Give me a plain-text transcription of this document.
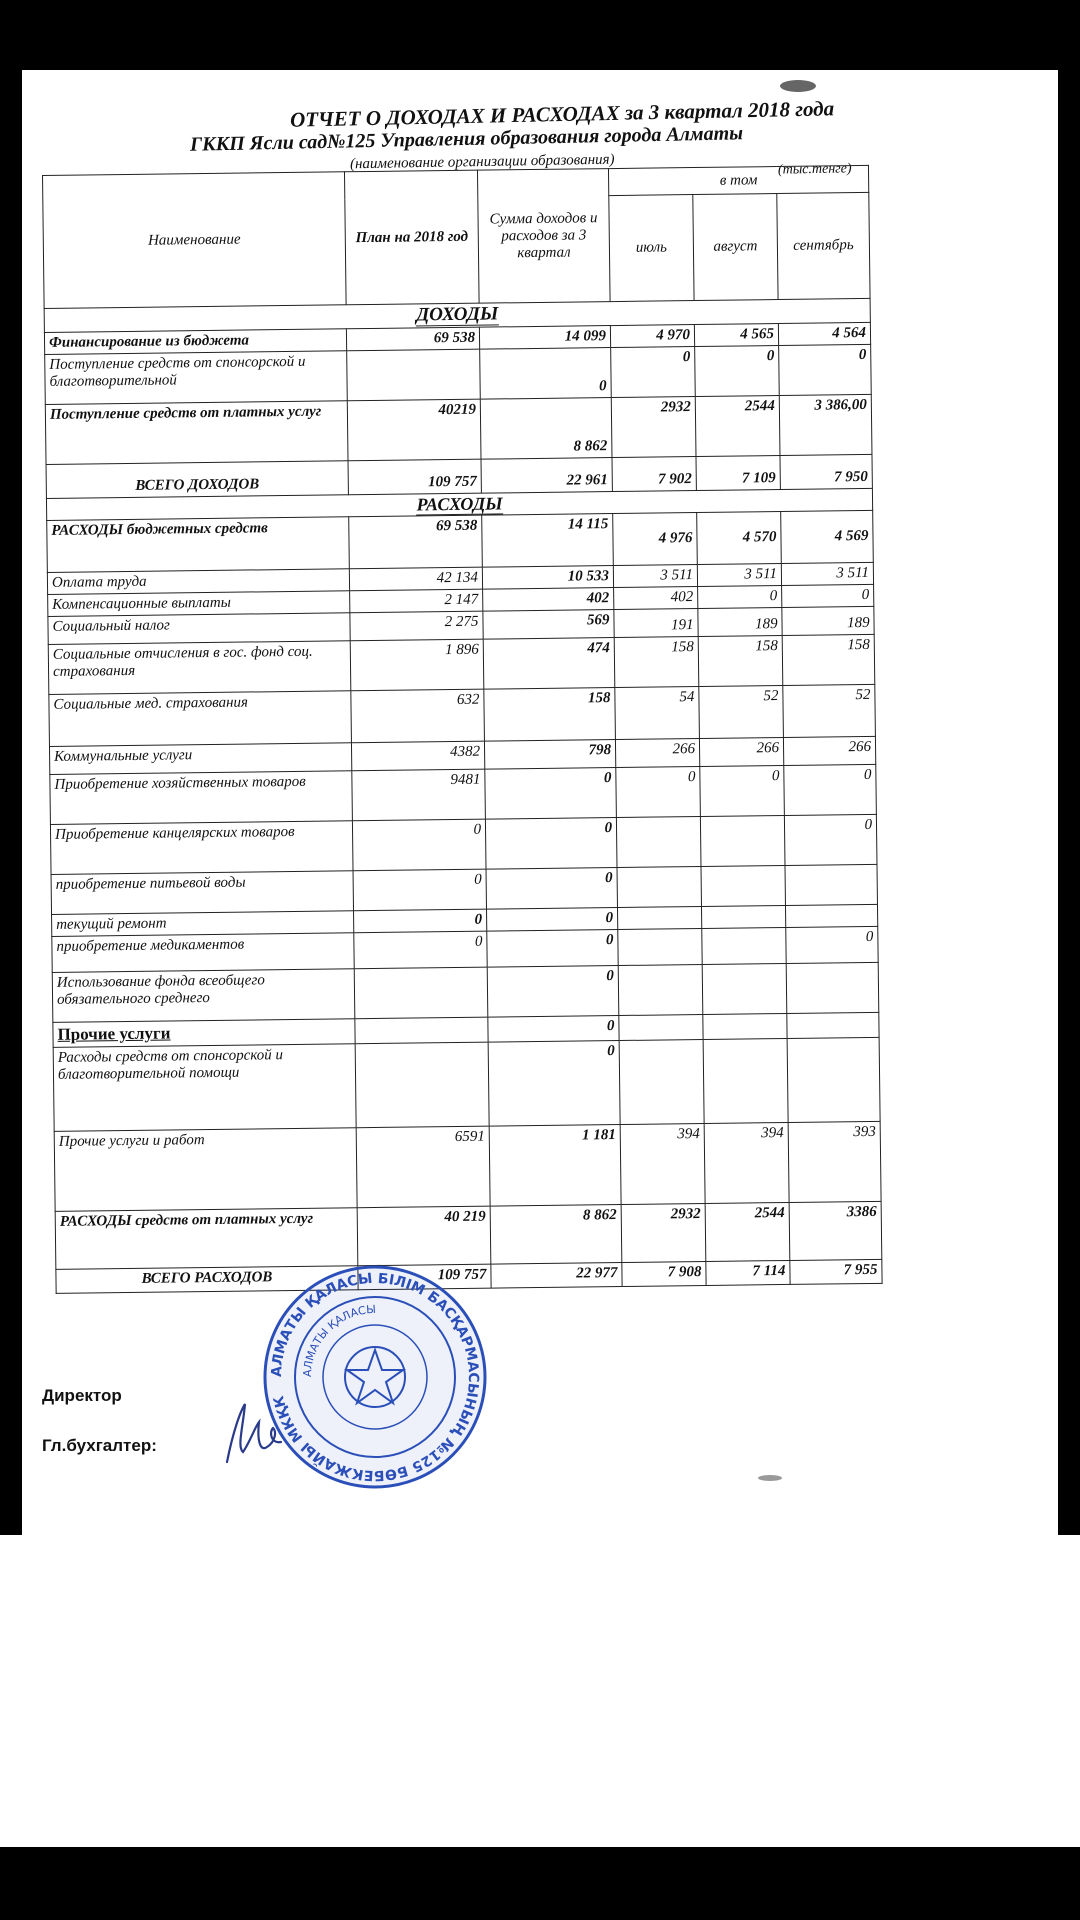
ОТЧЕТ О ДОХОДАХ И РАСХОДАХ за 3 квартал 2018 года
ГККП Ясли сад№125 Управления образования города Алматы
(наименование организации образования)	(тыс.тенге)
Наименование	План на 2018 год	Сумма доходов и расходов за 3 квартал	в том		
			июль	август	сентябрь
ДОХОДЫ					
Финансирование из бюджета	69 538	14 099	4 970	4 565	4 564
Поступление средств от спонсорской и благотворительной		0	0	0	0
Поступление средств от платных услуг	40219	8 862	2932	2544	3 386,00
ВСЕГО ДОХОДОВ	109 757	22 961	7 902	7 109	7 950
РАСХОДЫ					
РАСХОДЫ бюджетных средств	69 538	14 115	4 976	4 570	4 569
Оплата труда	42 134	10 533	3 511	3 511	3 511
Компенсационные выплаты	2 147	402	402	0	0
Социальный налог	2 275	569	191	189	189
Социальные отчисления в гос. фонд соц. страхования	1 896	474	158	158	158
Социальные мед. страхования	632	158	54	52	52
Коммунальные услуги	4382	798	266	266	266
Приобретение хозяйственных товаров	9481	0	0	0	0
Приобретение канцелярских товаров	0	0			0
приобретение питьевой воды	0	0			
текущий ремонт	0	0			
приобретение медикаментов	0	0			0
Использование фонда всеобщего обязательного среднего		0			
Прочие услуги		0			
Расходы средств от спонсорской и благотворительной помощи		0			
Прочие услуги и работ	6591	1 181	394	394	393
РАСХОДЫ средств от платных услуг	40 219	8 862	2932	2544	3386
ВСЕГО РАСХОДОВ	109 757	22 977	7 908	7 114	7 955
Директор
Гл.бухгалтер:
АЛМАТЫ ҚАЛАСЫ БІЛІМ БАСҚАРМАСЫНЫҢ №125 БӨБЕКЖАЙЫ МКҚК
АЛМАТЫ ҚАЛАСЫ
